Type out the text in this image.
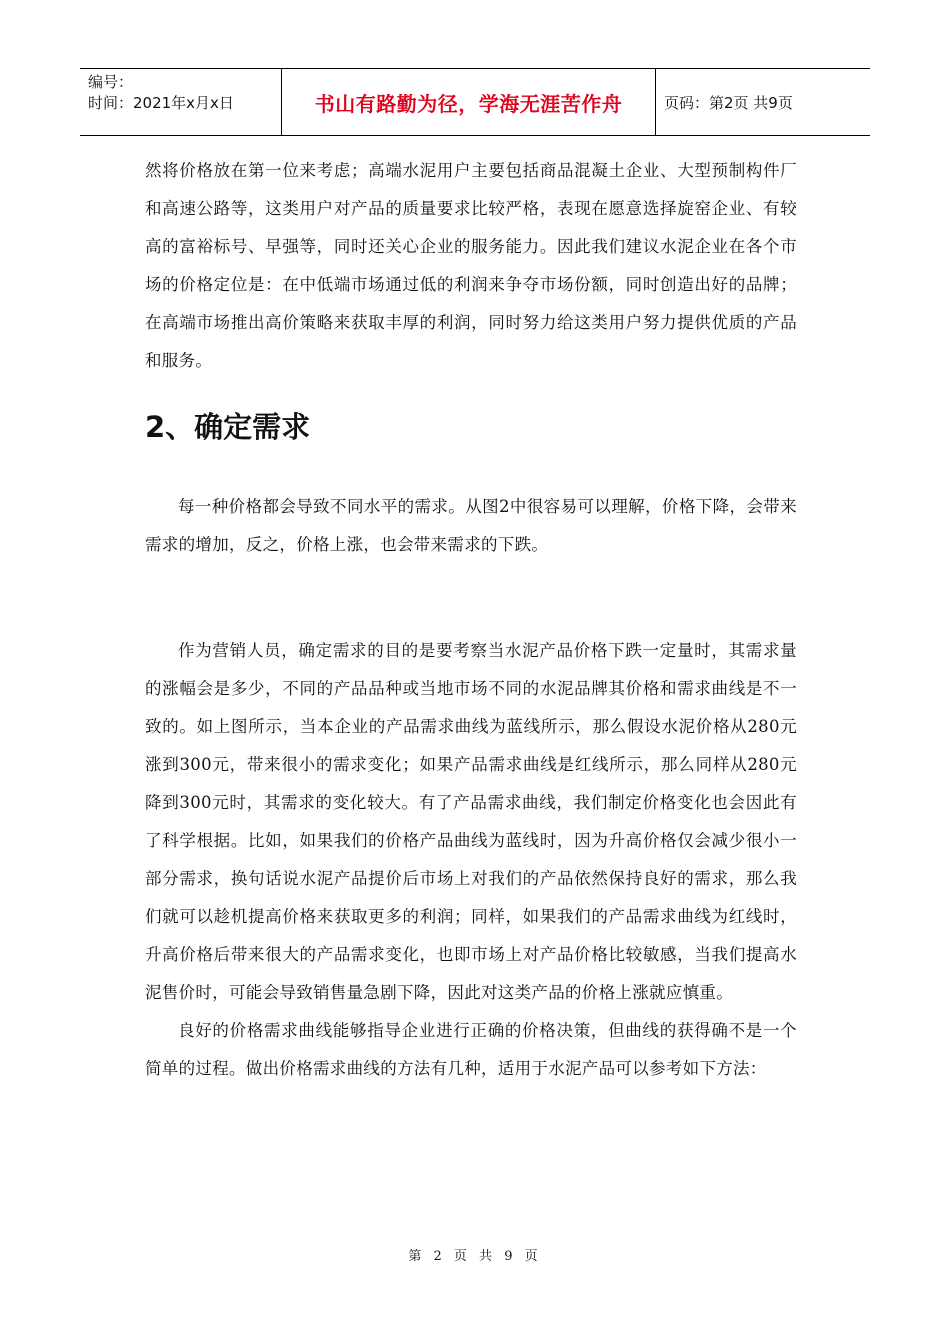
编号：
时间：2021年x月x日	书山有路勤为径，学海无涯苦作舟	页码：第2页 共9页

然将价格放在第一位来考虑；高端水泥用户主要包括商品混凝土企业、大型预制构件厂和高速公路等，这类用户对产品的质量要求比较严格，表现在愿意选择旋窑企业、有较高的富裕标号、早强等，同时还关心企业的服务能力。因此我们建议水泥企业在各个市场的价格定位是：在中低端市场通过低的利润来争夺市场份额，同时创造出好的品牌；在高端市场推出高价策略来获取丰厚的利润，同时努力给这类用户努力提供优质的产品和服务。

2、确定需求

每一种价格都会导致不同水平的需求。从图2中很容易可以理解，价格下降，会带来需求的增加，反之，价格上涨，也会带来需求的下跌。

作为营销人员，确定需求的目的是要考察当水泥产品价格下跌一定量时，其需求量的涨幅会是多少，不同的产品品种或当地市场不同的水泥品牌其价格和需求曲线是不一致的。如上图所示，当本企业的产品需求曲线为蓝线所示，那么假设水泥价格从280元涨到300元，带来很小的需求变化；如果产品需求曲线是红线所示，那么同样从280元降到300元时，其需求的变化较大。有了产品需求曲线，我们制定价格变化也会因此有了科学根据。比如，如果我们的价格产品曲线为蓝线时，因为升高价格仅会减少很小一部分需求，换句话说水泥产品提价后市场上对我们的产品依然保持良好的需求，那么我们就可以趁机提高价格来获取更多的利润；同样，如果我们的产品需求曲线为红线时，升高价格后带来很大的产品需求变化，也即市场上对产品价格比较敏感，当我们提高水泥售价时，可能会导致销售量急剧下降，因此对这类产品的价格上涨就应慎重。

良好的价格需求曲线能够指导企业进行正确的价格决策，但曲线的获得确不是一个简单的过程。做出价格需求曲线的方法有几种，适用于水泥产品可以参考如下方法：

第 2 页 共 9 页
